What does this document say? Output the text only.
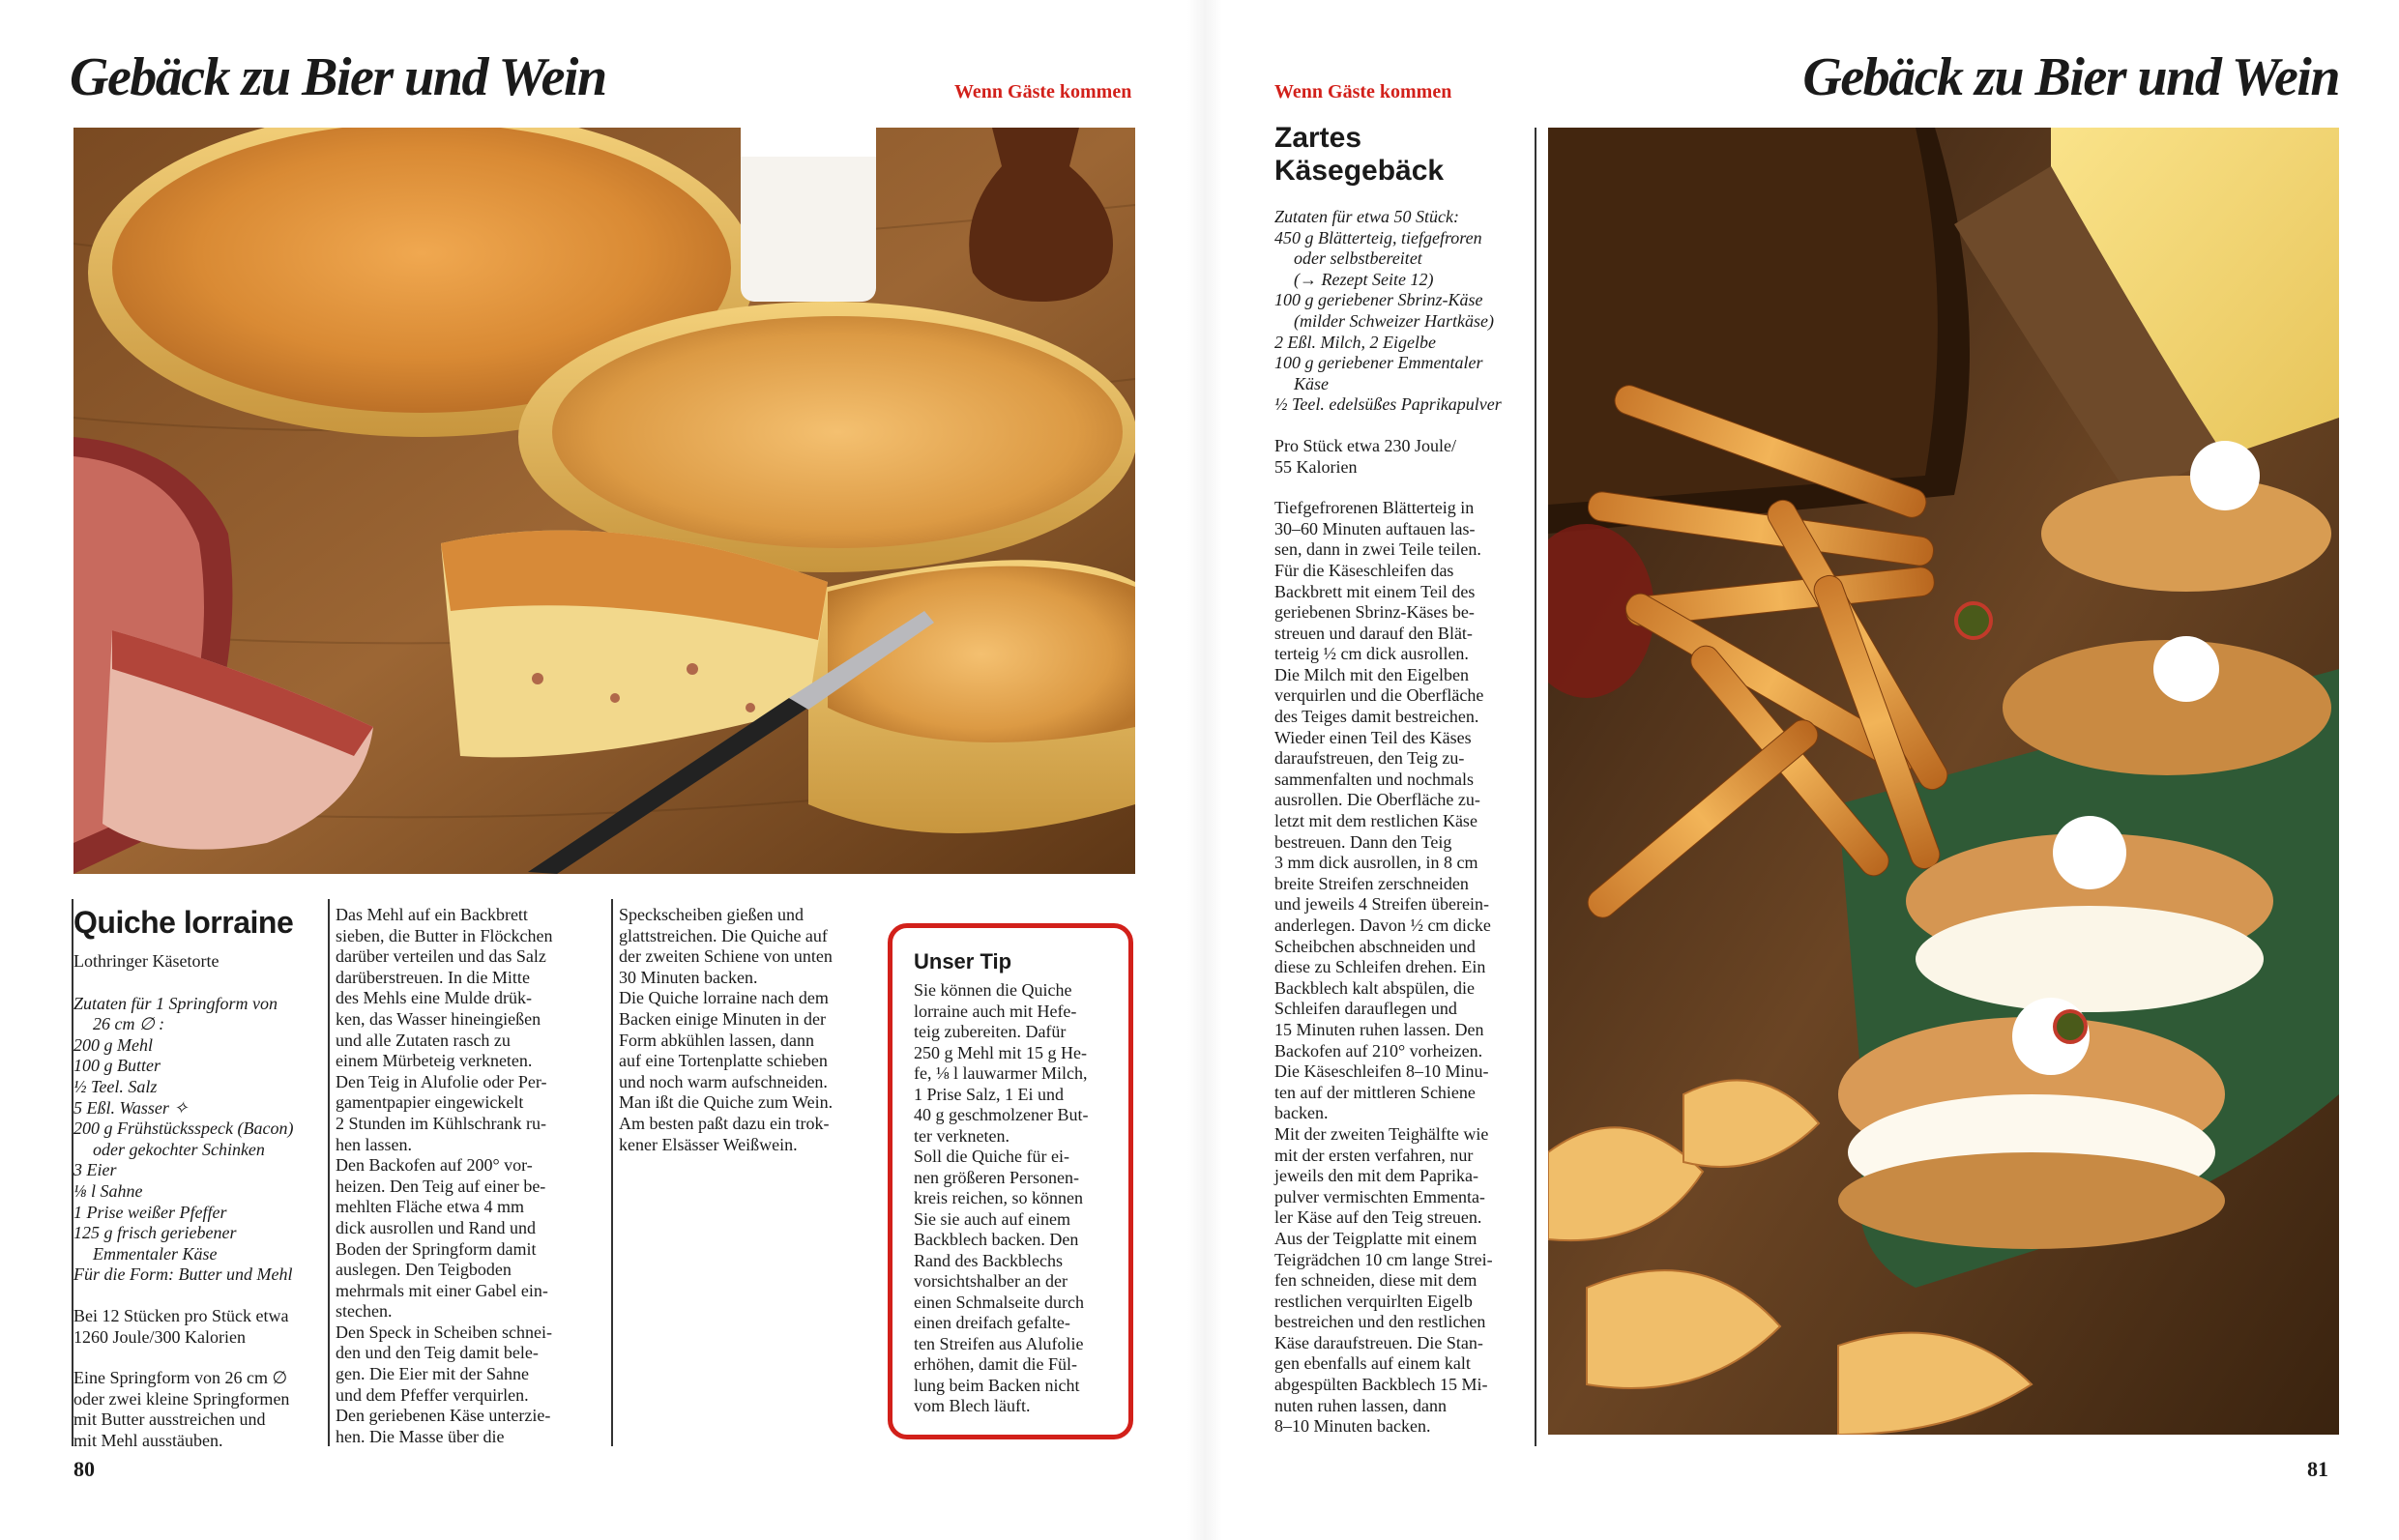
Gebäck zu Bier und Wein	Wenn Gäste kommen
Quiche lorraine
Lothringer Käsetorte

Zutaten für 1 Springform von

26 cm ∅ :

200 g Mehl

100 g Butter

½ Teel. Salz

5 Eßl. Wasser ✧

200 g Frühstücksspeck (Bacon)

oder gekochter Schinken

3 Eier

⅛ l Sahne

1 Prise weißer Pfeffer

125 g frisch geriebener

Emmentaler Käse

Für die Form: Butter und Mehl

Bei 12 Stücken pro Stück etwa

1260 Joule/300 Kalorien

Eine Springform von 26 cm ∅

oder zwei kleine Springformen

mit Butter ausstreichen und

mit Mehl ausstäuben.

Das Mehl auf ein Backbrett

sieben, die Butter in Flöckchen

darüber verteilen und das Salz

darüberstreuen. In die Mitte

des Mehls eine Mulde drük-

ken, das Wasser hineingießen

und alle Zutaten rasch zu

einem Mürbeteig verkneten.

Den Teig in Alufolie oder Per-

gamentpapier eingewickelt

2 Stunden im Kühlschrank ru-

hen lassen.

Den Backofen auf 200° vor-

heizen. Den Teig auf einer be-

mehlten Fläche etwa 4 mm

dick ausrollen und Rand und

Boden der Springform damit

auslegen. Den Teigboden

mehrmals mit einer Gabel ein-

stechen.

Den Speck in Scheiben schnei-

den und den Teig damit bele-

gen. Die Eier mit der Sahne

und dem Pfeffer verquirlen.

Den geriebenen Käse unterzie-

hen. Die Masse über die

Speckscheiben gießen und

glattstreichen. Die Quiche auf

der zweiten Schiene von unten

30 Minuten backen.

Die Quiche lorraine nach dem

Backen einige Minuten in der

Form abkühlen lassen, dann

auf eine Tortenplatte schieben

und noch warm aufschneiden.

Man ißt die Quiche zum Wein.

Am besten paßt dazu ein trok-

kener Elsässer Weißwein.

Unser Tip

Sie können die Quiche

lorraine auch mit Hefe-

teig zubereiten. Dafür

250 g Mehl mit 15 g He-

fe, ⅛ l lauwarmer Milch,

1 Prise Salz, 1 Ei und

40 g geschmolzener But-

ter verkneten.

Soll die Quiche für ei-

nen größeren Personen-

kreis reichen, so können

Sie sie auch auf einem

Backblech backen. Den

Rand des Backblechs

vorsichtshalber an der

einen Schmalseite durch

einen dreifach gefalte-

ten Streifen aus Alufolie

erhöhen, damit die Fül-

lung beim Backen nicht

vom Blech läuft.

80
Wenn Gäste kommen	Gebäck zu Bier und Wein
Zartes
Käsegebäck

Zutaten für etwa 50 Stück:

450 g Blätterteig, tiefgefroren

oder selbstbereitet

(→ Rezept Seite 12)

100 g geriebener Sbrinz-Käse

(milder Schweizer Hartkäse)

2 Eßl. Milch, 2 Eigelbe

100 g geriebener Emmentaler

Käse

½ Teel. edelsüßes Paprikapulver

Pro Stück etwa 230 Joule/

55 Kalorien

Tiefgefrorenen Blätterteig in

30–60 Minuten auftauen las-

sen, dann in zwei Teile teilen.

Für die Käseschleifen das

Backbrett mit einem Teil des

geriebenen Sbrinz-Käses be-

streuen und darauf den Blät-

terteig ½ cm dick ausrollen.

Die Milch mit den Eigelben

verquirlen und die Oberfläche

des Teiges damit bestreichen.

Wieder einen Teil des Käses

daraufstreuen, den Teig zu-

sammenfalten und nochmals

ausrollen. Die Oberfläche zu-

letzt mit dem restlichen Käse

bestreuen. Dann den Teig

3 mm dick ausrollen, in 8 cm

breite Streifen zerschneiden

und jeweils 4 Streifen überein-

anderlegen. Davon ½ cm dicke

Scheibchen abschneiden und

diese zu Schleifen drehen. Ein

Backblech kalt abspülen, die

Schleifen darauflegen und

15 Minuten ruhen lassen. Den

Backofen auf 210° vorheizen.

Die Käseschleifen 8–10 Minu-

ten auf der mittleren Schiene

backen.

Mit der zweiten Teighälfte wie

mit der ersten verfahren, nur

jeweils den mit dem Paprika-

pulver vermischten Emmenta-

ler Käse auf den Teig streuen.

Aus der Teigplatte mit einem

Teigrädchen 10 cm lange Strei-

fen schneiden, diese mit dem

restlichen verquirlten Eigelb

bestreichen und den restlichen

Käse daraufstreuen. Die Stan-

gen ebenfalls auf einem kalt

abgespülten Backblech 15 Mi-

nuten ruhen lassen, dann

8–10 Minuten backen.

81
